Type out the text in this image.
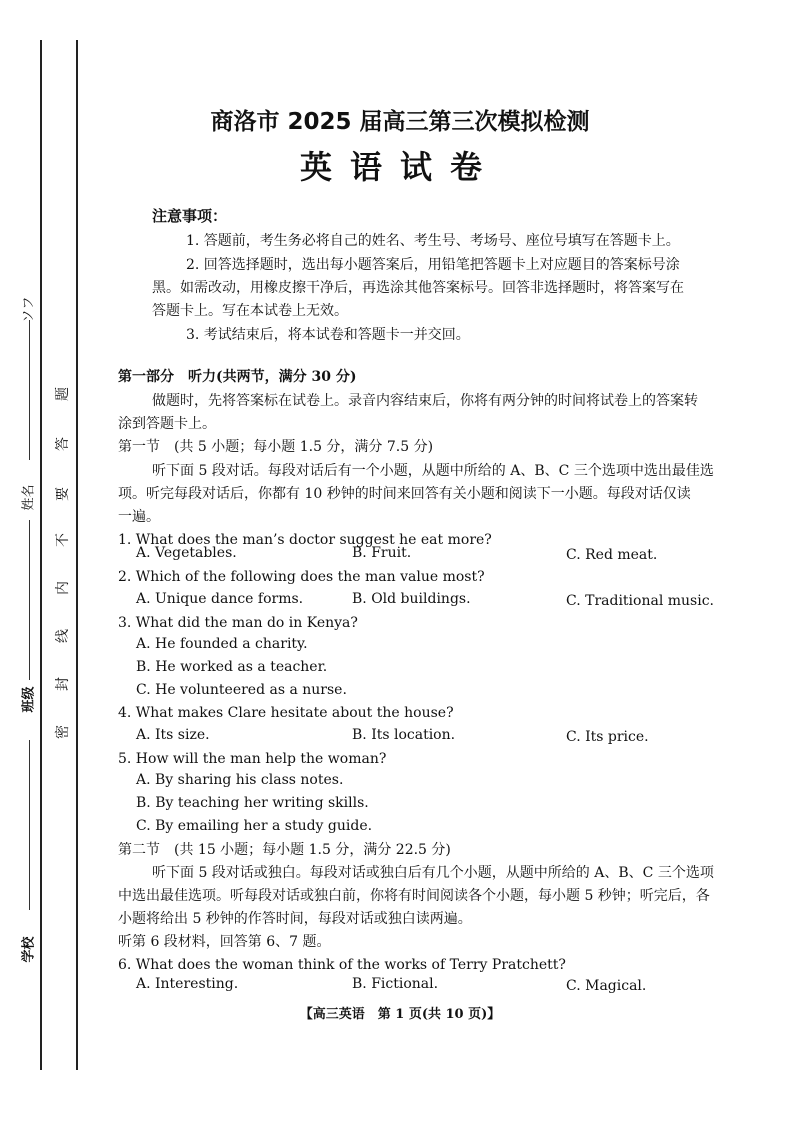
ソフ
姓名
班级
学校
题
答
要
不
内
线
封
密
商洛市 2025 届高三第三次模拟检测
英语试卷
注意事项：
1. 答题前，考生务必将自己的姓名、考生号、考场号、座位号填写在答题卡上。
2. 回答选择题时，选出每小题答案后，用铅笔把答题卡上对应题目的答案标号涂
黑。如需改动，用橡皮擦干净后，再选涂其他答案标号。回答非选择题时，将答案写在
答题卡上。写在本试卷上无效。
3. 考试结束后，将本试卷和答题卡一并交回。
第一部分　听力(共两节，满分 30 分)
做题时，先将答案标在试卷上。录音内容结束后，你将有两分钟的时间将试卷上的答案转
涂到答题卡上。
第一节　(共 5 小题；每小题 1.5 分，满分 7.5 分)
听下面 5 段对话。每段对话后有一个小题，从题中所给的 A、B、C 三个选项中选出最佳选
项。听完每段对话后，你都有 10 秒钟的时间来回答有关小题和阅读下一小题。每段对话仅读
一遍。
1. What does the man’s doctor suggest he eat more?
A. Vegetables.	B. Fruit.	C. Red meat.
2. Which of the following does the man value most?
A. Unique dance forms.	B. Old buildings.	C. Traditional music.
3. What did the man do in Kenya?
A. He founded a charity.
B. He worked as a teacher.
C. He volunteered as a nurse.
4. What makes Clare hesitate about the house?
A. Its size.	B. Its location.	C. Its price.
5. How will the man help the woman?
A. By sharing his class notes.
B. By teaching her writing skills.
C. By emailing her a study guide.
第二节　(共 15 小题；每小题 1.5 分，满分 22.5 分)
听下面 5 段对话或独白。每段对话或独白后有几个小题，从题中所给的 A、B、C 三个选项
中选出最佳选项。听每段对话或独白前，你将有时间阅读各个小题，每小题 5 秒钟；听完后，各
小题将给出 5 秒钟的作答时间，每段对话或独白读两遍。
听第 6 段材料，回答第 6、7 题。
6. What does the woman think of the works of Terry Pratchett?
A. Interesting.	B. Fictional.	C. Magical.
【高三英语　第 1 页(共 10 页)】
